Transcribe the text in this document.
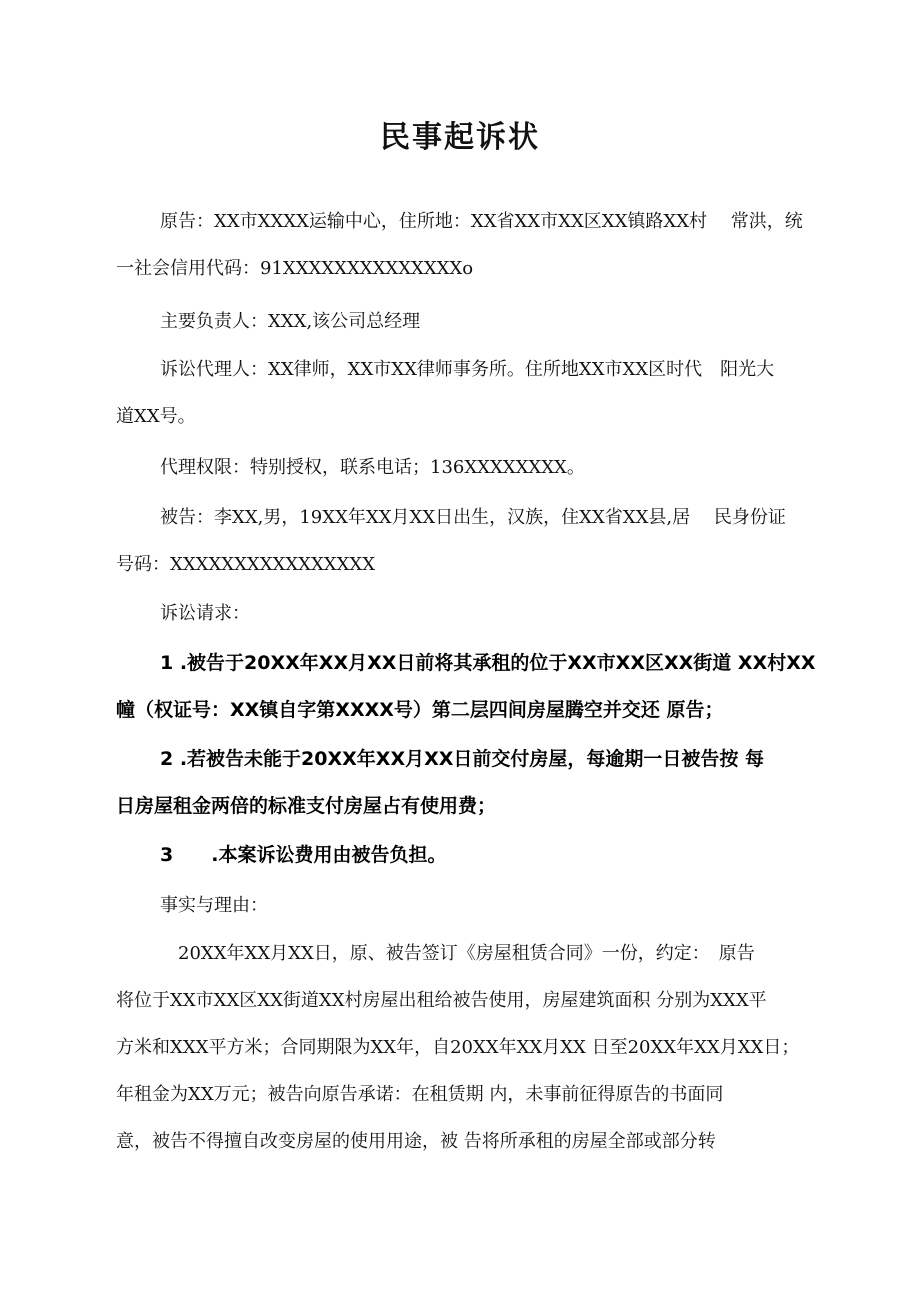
民事起诉状

原告：XX市XXXX运输中心，住所地：XX省XX市XX区XX镇路XX村　 常洪，统
一社会信用代码：91XXXXXXXXXXXXXXo

主要负责人：XXX,该公司总经理

诉讼代理人：XX律师，XX市XX律师事务所。住所地XX市XX区时代　阳光大
道XX号。

代理权限：特别授权，联系电话；136XXXXXXXX。

被告：李XX,男，19XX年XX月XX日出生，汉族，住XX省XX县,居　 民身份证
号码：XXXXXXXXXXXXXXXX

诉讼请求：

1 .被告于20XX年XX月XX日前将其承租的位于XX市XX区XX街道 XX村XX
幢（权证号：XX镇自字第XXXX号）第二层四间房屋腾空并交还 原告；

2 .若被告未能于20XX年XX月XX日前交付房屋，每逾期一日被告按 每
日房屋租金两倍的标准支付房屋占有使用费；

3　　.本案诉讼费用由被告负担。

事实与理由：

20XX年XX月XX日，原、被告签订《房屋租赁合同》一份，约定：　原告
将位于XX市XX区XX街道XX村房屋出租给被告使用，房屋建筑面积 分别为XXX平
方米和XXX平方米；合同期限为XX年，自20XX年XX月XX 日至20XX年XX月XX日；
年租金为XX万元；被告向原告承诺：在租赁期 内，未事前征得原告的书面同
意，被告不得擅自改变房屋的使用用途，被 告将所承租的房屋全部或部分转
